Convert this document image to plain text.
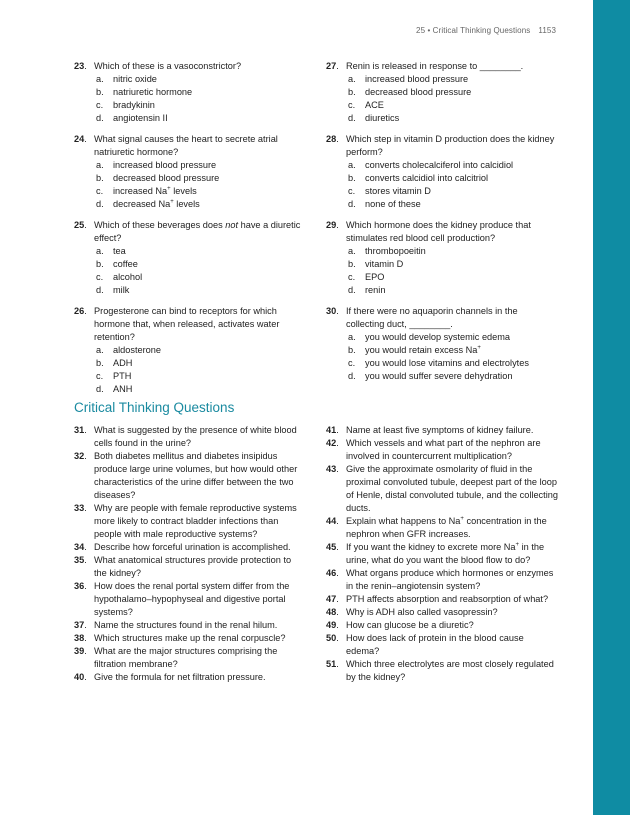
25 • Critical Thinking Questions 1153
23 . Which of these is a vasoconstrictor?
a . nitric oxide
b . natriuretic hormone
c . bradykinin
d . angiotensin II
24 . What signal causes the heart to secrete atrial natriuretic hormone?
a . increased blood pressure
b . decreased blood pressure
c . increased Na+ levels
d . decreased Na+ levels
25 . Which of these beverages does not have a diuretic effect?
a . tea
b . coffee
c . alcohol
d . milk
26 . Progesterone can bind to receptors for which hormone that, when released, activates water retention?
a . aldosterone
b . ADH
c . PTH
d . ANH
27 . Renin is released in response to ________.
a . increased blood pressure
b . decreased blood pressure
c . ACE
d . diuretics
28 . Which step in vitamin D production does the kidney perform?
a . converts cholecalciferol into calcidiol
b . converts calcidiol into calcitriol
c . stores vitamin D
d . none of these
29 . Which hormone does the kidney produce that stimulates red blood cell production?
a . thrombopoeitin
b . vitamin D
c . EPO
d . renin
30 . If there were no aquaporin channels in the collecting duct, ________.
a . you would develop systemic edema
b . you would retain excess Na+
c . you would lose vitamins and electrolytes
d . you would suffer severe dehydration
Critical Thinking Questions
31 . What is suggested by the presence of white blood cells found in the urine?
32 . Both diabetes mellitus and diabetes insipidus produce large urine volumes, but how would other characteristics of the urine differ between the two diseases?
33 . Why are people with female reproductive systems more likely to contract bladder infections than people with male reproductive systems?
34 . Describe how forceful urination is accomplished.
35 . What anatomical structures provide protection to the kidney?
36 . How does the renal portal system differ from the hypothalamo–hypophyseal and digestive portal systems?
37 . Name the structures found in the renal hilum.
38 . Which structures make up the renal corpuscle?
39 . What are the major structures comprising the filtration membrane?
40 . Give the formula for net filtration pressure.
41 . Name at least five symptoms of kidney failure.
42 . Which vessels and what part of the nephron are involved in countercurrent multiplication?
43 . Give the approximate osmolarity of fluid in the proximal convoluted tubule, deepest part of the loop of Henle, distal convoluted tubule, and the collecting ducts.
44 . Explain what happens to Na+ concentration in the nephron when GFR increases.
45 . If you want the kidney to excrete more Na+ in the urine, what do you want the blood flow to do?
46 . What organs produce which hormones or enzymes in the renin–angiotensin system?
47 . PTH affects absorption and reabsorption of what?
48 . Why is ADH also called vasopressin?
49 . How can glucose be a diuretic?
50 . How does lack of protein in the blood cause edema?
51 . Which three electrolytes are most closely regulated by the kidney?
